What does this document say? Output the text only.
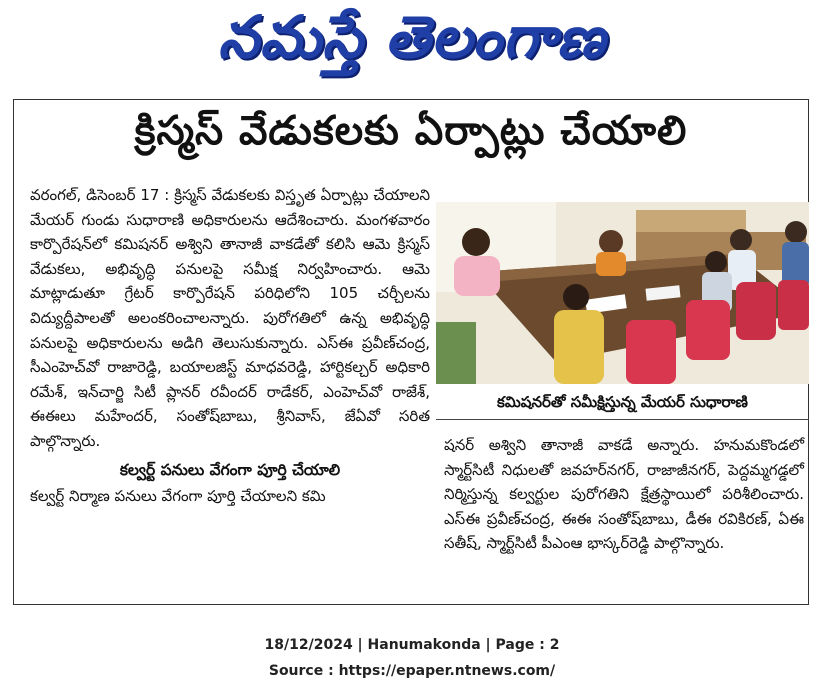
నమస్తే తెలంగాణ
క్రిస్మస్ వేడుకలకు ఏర్పాట్లు చేయాలి

వరంగల్, డిసెంబర్ 17 : క్రిస్మస్ వేడుకలకు విస్తృత ఏర్పాట్లు చేయాలని మేయర్ గుండు సుధారాణి అధికారులను ఆదేశించారు. మంగళవారం కార్పొరేషన్‌లో కమిషనర్ అశ్విని తానాజీ వాకడేతో కలిసి ఆమె క్రిస్మస్ వేడుకలు, అభివృద్ధి పనులపై సమీక్ష నిర్వహించారు. ఆమె మాట్లాడుతూ గ్రేటర్ కార్పొరేషన్ పరిధిలోని 105 చర్చీలను విద్యుద్దీపాలతో అలంకరించాలన్నారు. పురోగతిలో ఉన్న అభివృద్ధి పనులపై అధికారులను అడిగి తెలుసుకున్నారు. ఎస్ఈ ప్రవీణ్‌చంద్ర, సీఎంహెచ్‌వో రాజారెడ్డి, బయాలజిస్ట్ మాధవరెడ్డి, హార్టికల్చర్ అధికారి రమేశ్, ఇన్‌చార్జి సిటీ ప్లానర్ రవీందర్ రాడేకర్, ఎంహెచ్‌వో రాజేశ్, ఈఈలు మహేందర్, సంతోష్‌బాబు, శ్రీనివాస్, జేఏవో సరిత పాల్గొన్నారు.

కల్వర్ట్ పనులు వేగంగా పూర్తి చేయాలి

కల్వర్ట్ నిర్మాణ పనులు వేగంగా పూర్తి చేయాలని కమి

కమిషనర్‌తో సమీక్షిస్తున్న మేయర్ సుధారాణి

షనర్ అశ్విని తానాజీ వాకడే అన్నారు. హనుమకొండలో స్మార్ట్‌సిటీ నిధులతో జవహర్‌నగర్, రాజాజీనగర్, పెద్దమ్మగడ్డలో నిర్మిస్తున్న కల్వర్టుల పురోగతిని క్షేత్రస్థాయిలో పరిశీలించారు. ఎస్ఈ ప్రవీణ్‌చంద్ర, ఈఈ సంతోష్‌బాబు, డీఈ రవికిరణ్, ఏఈ సతీష్, స్మార్ట్‌సిటీ పీఎంఆ భాస్కర్‌రెడ్డి పాల్గొన్నారు.

18/12/2024 | Hanumakonda | Page : 2
Source : https://epaper.ntnews.com/
